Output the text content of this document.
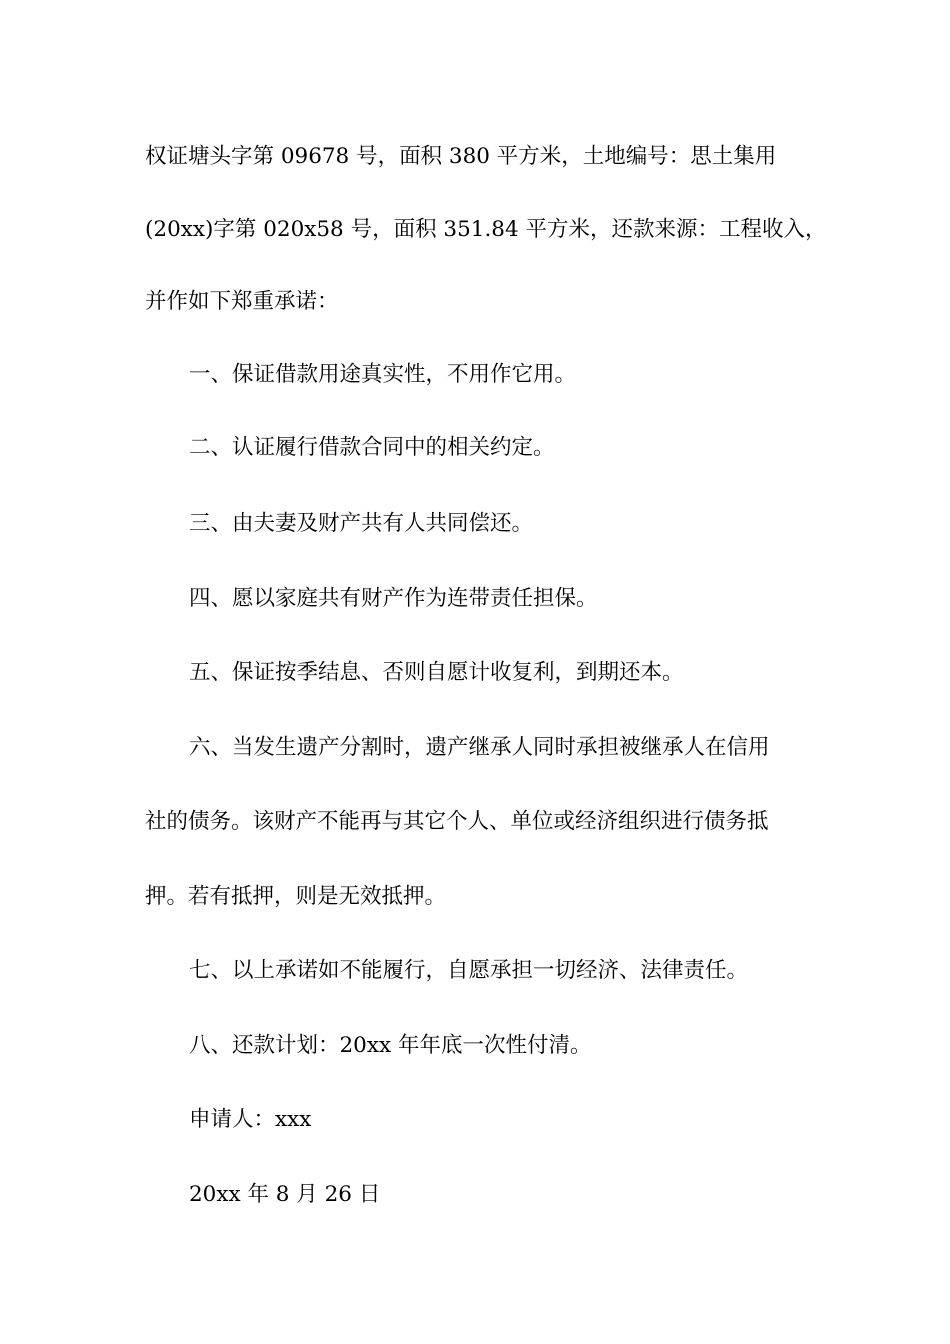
权证塘头字第 09678 号，面积 380 平方米，土地编号：思土集用
(20xx)字第 020x58 号，面积 351.84 平方米，还款来源：工程收入，
并作如下郑重承诺：
一、保证借款用途真实性，不用作它用。
二、认证履行借款合同中的相关约定。
三、由夫妻及财产共有人共同偿还。
四、愿以家庭共有财产作为连带责任担保。
五、保证按季结息、否则自愿计收复利，到期还本。
六、当发生遗产分割时，遗产继承人同时承担被继承人在信用
社的债务。该财产不能再与其它个人、单位或经济组织进行债务抵
押。若有抵押，则是无效抵押。
七、以上承诺如不能履行，自愿承担一切经济、法律责任。
八、还款计划：20xx 年年底一次性付清。
申请人：xxx
20xx 年 8 月 26 日
